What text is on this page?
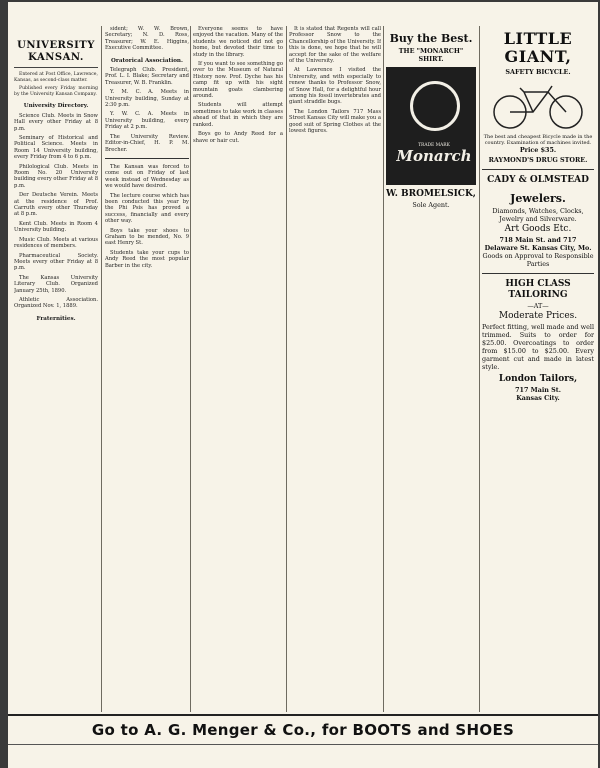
UNIVERSITY KANSAN.

Entered at Post Office, Lawrence, Kansas, as second-class matter.

Published every Friday morning by the University Kansan Company.

University Directory.

Science Club. Meets in Snow Hall every other Friday at 8 p.m.

Seminary of Historical and Political Science. Meets in Room 14 University building, every Friday from 4 to 6 p.m.

Philological Club. Meets in Room No. 20 University building every other Friday at 8 p.m.

Der Deutsche Verein. Meets at the residence of Prof. Carruth every other Thursday at 8 p.m.

Kent Club. Meets in Room 4 University building.

Music Club. Meets at various residences of members.

Pharmaceutical Society. Meets every other Friday at 8 p.m.

The Kansas University Literary Club. Organized January 25th, 1890.

Athletic Association. Organized Nov. 1, 1889.

Fraternities.

sident; W. W. Brown, Secretary; N. D. Ross, Treasurer; W. E. Higgins, Executive Committee.

Oratorical Association.

Telegraph Club. President, Prof. L. I. Blake; Secretary and Treasurer, W. B. Franklin.

Y. M. C. A. Meets in University building, Sunday at 2:30 p.m.

Y. W. C. A. Meets in University building, every Friday at 2 p.m.

The University Review. Editor-in-Chief, H. P. M. Brecher.

The Kansan was forced to come out on Friday of last week instead of Wednesday as we would have desired.

The lecture course which has been conducted this year by the Phi Psis has proved a success, financially and every other way.

Boys take your shoes to Graham to be mended, No. 9 east Henry St.

Students take your cups to Andy Reed the most popular Barber in the city.

Everyone seems to have enjoyed the vacation. Many of the students we noticed did not go home, but devoted their time to study in the library.

If you want to see something go over to the Museum of Natural History now. Prof. Dyche has his camp fit up with his sight mountain goats clambering around.

Students will attempt sometimes to take work in classes ahead of that in which they are ranked.

Boys go to Andy Reed for a shave or hair cut.

It is stated that Regents will call Professor Snow to the Chancellorship of the University. If this is done, we hope that he will accept for the sake of the welfare of the University.

At Lawrence I visited the University, and with especially to renew thanks to Professor Snow, of Snow Hall, for a delightful hour among his fossil invertebrates and giant straddle bugs.

The London Tailors 717 Mass Street Kansas City will make you a good suit of Spring Clothes at the lowest figures.

Buy the Best.
THE "MONARCH" SHIRT.
TRADE MARK
Monarch
W. BROMELSICK,
Sole Agent.
LITTLE GIANT,
SAFETY BICYCLE.
The best and cheapest Bicycle made in the country. Examination of machines invited.
Price $35.
RAYMOND'S DRUG STORE.
CADY & OLMSTEAD
Jewelers.
Diamonds, Watches, Clocks, Jewelry and Silverware.
Art Goods Etc.
718 Main St. and 717 Delaware St. Kansas City, Mo.
Goods on Approval to Responsible Parties
HIGH CLASS TAILORING
—AT—
Moderate Prices.
Perfect fitting, well made and well trimmed. Suits to order for $25.00. Overcoatings to order from $15.00 to $25.00. Every garment cut and made in latest style.
London Tailors,
717 Main St.
Kansas City.
Go to A. G. Menger & Co., for BOOTS and SHOES
